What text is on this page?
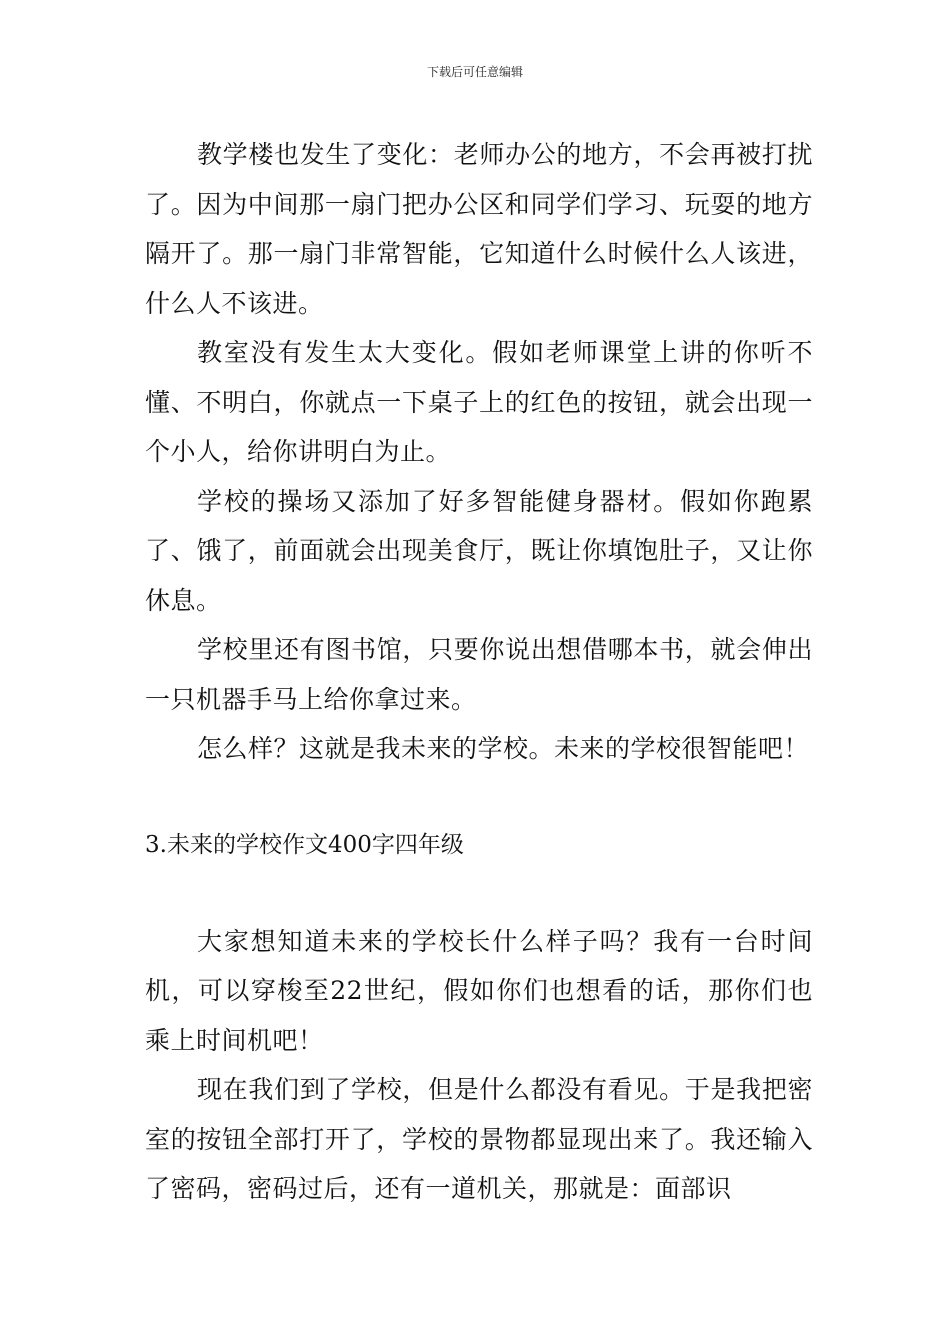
下载后可任意编辑

教学楼也发生了变化：老师办公的地方，不会再被打扰了。因为中间那一扇门把办公区和同学们学习、玩耍的地方隔开了。那一扇门非常智能，它知道什么时候什么人该进，什么人不该进。

教室没有发生太大变化。假如老师课堂上讲的你听不懂、不明白，你就点一下桌子上的红色的按钮，就会出现一个小人，给你讲明白为止。

学校的操场又添加了好多智能健身器材。假如你跑累了、饿了，前面就会出现美食厅，既让你填饱肚子，又让你休息。

学校里还有图书馆，只要你说出想借哪本书，就会伸出一只机器手马上给你拿过来。

怎么样？这就是我未来的学校。未来的学校很智能吧！

3.未来的学校作文400字四年级

大家想知道未来的学校长什么样子吗？我有一台时间机，可以穿梭至22世纪，假如你们也想看的话，那你们也乘上时间机吧！

现在我们到了学校，但是什么都没有看见。于是我把密室的按钮全部打开了，学校的景物都显现出来了。我还输入了密码，密码过后，还有一道机关，那就是：面部识
